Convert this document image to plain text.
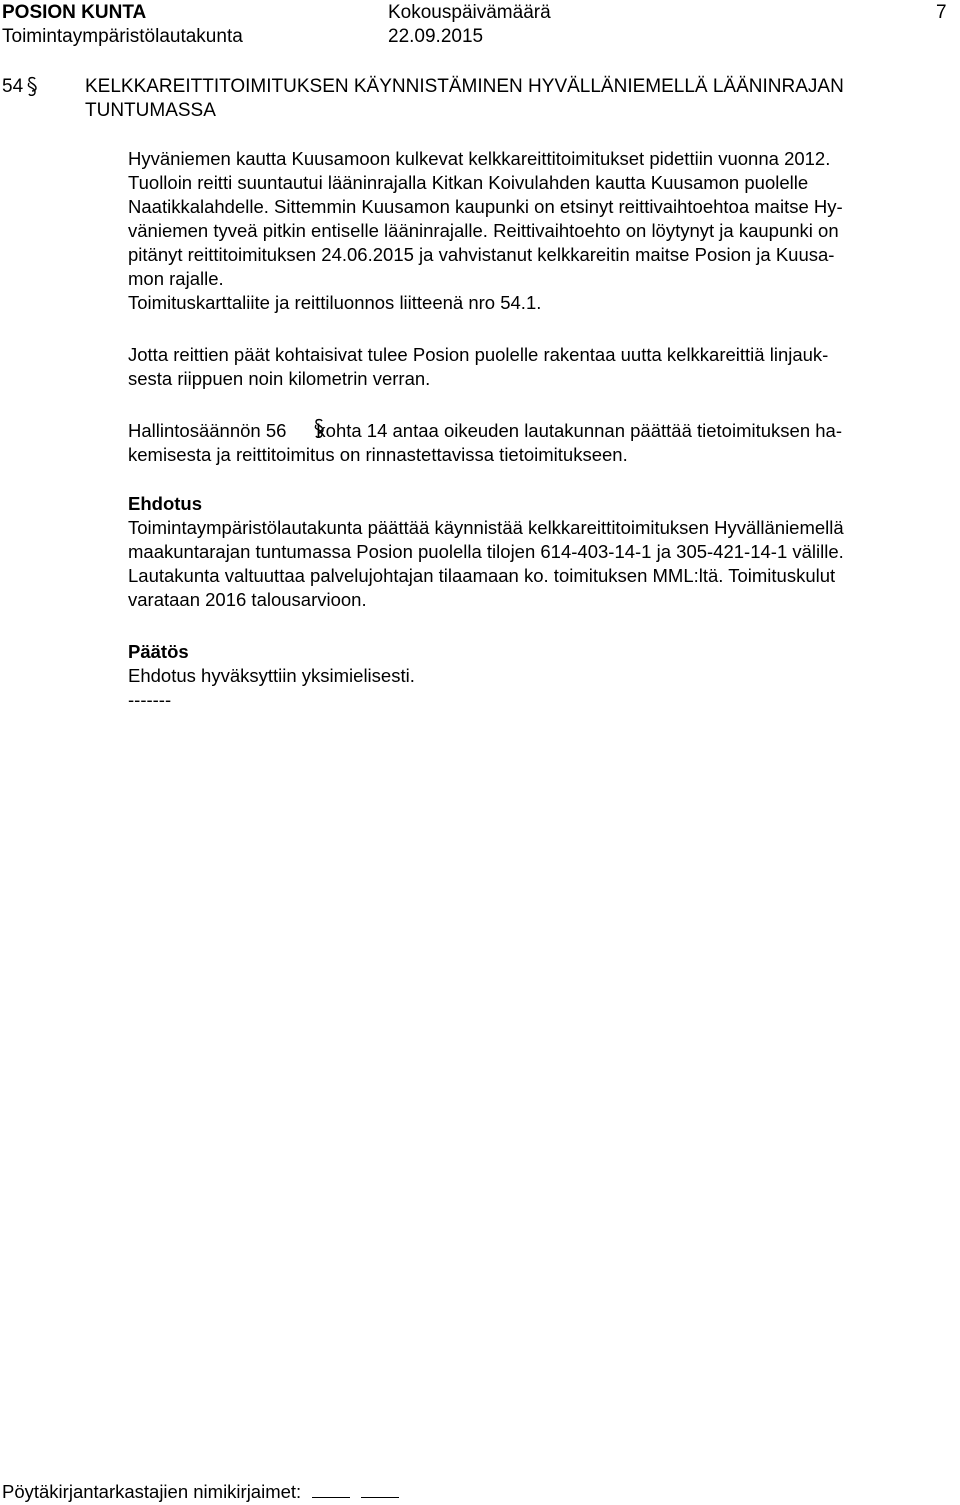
POSION KUNTA	Kokouspäivämäärä	7
Toimintaympäristölautakunta	22.09.2015
54	KELKKAREITTITOIMITUKSEN KÄYNNISTÄMINEN HYVÄLLÄNIEMELLÄ LÄÄNINRAJAN
TUNTUMASSA
Hyväniemen kautta Kuusamoon kulkevat kelkkareittitoimitukset pidettiin vuonna 2012.
Tuolloin reitti suuntautui lääninrajalla Kitkan Koivulahden kautta Kuusamon puolelle
Naatikkalahdelle. Sittemmin Kuusamon kaupunki on etsinyt reittivaihtoehtoa maitse Hy-
väniemen tyveä pitkin entiselle lääninrajalle. Reittivaihtoehto on löytynyt ja kaupunki on
pitänyt reittitoimituksen 24.06.2015 ja vahvistanut kelkkareitin maitse Posion ja Kuusa-
mon rajalle.
Toimituskarttaliite ja reittiluonnos liitteenä nro 54.1.
Jotta reittien päät kohtaisivat tulee Posion puolelle rakentaa uutta kelkkareittiä linjauk-
sesta riippuen noin kilometrin verran.
Hallintosäännön 56 kohta 14 antaa oikeuden lautakunnan päättää tietoimituksen ha-
kemisesta ja reittitoimitus on rinnastettavissa tietoimitukseen.
Ehdotus
Toimintaympäristölautakunta päättää käynnistää kelkkareittitoimituksen Hyvälläniemellä
maakuntarajan tuntumassa Posion puolella tilojen 614-403-14-1 ja 305-421-14-1 välille.
Lautakunta valtuuttaa palvelujohtajan tilaamaan ko. toimituksen MML:ltä. Toimituskulut
varataan 2016 talousarvioon.
Päätös
Ehdotus hyväksyttiin yksimielisesti.
-------
Pöytäkirjantarkastajien nimikirjaimet:
